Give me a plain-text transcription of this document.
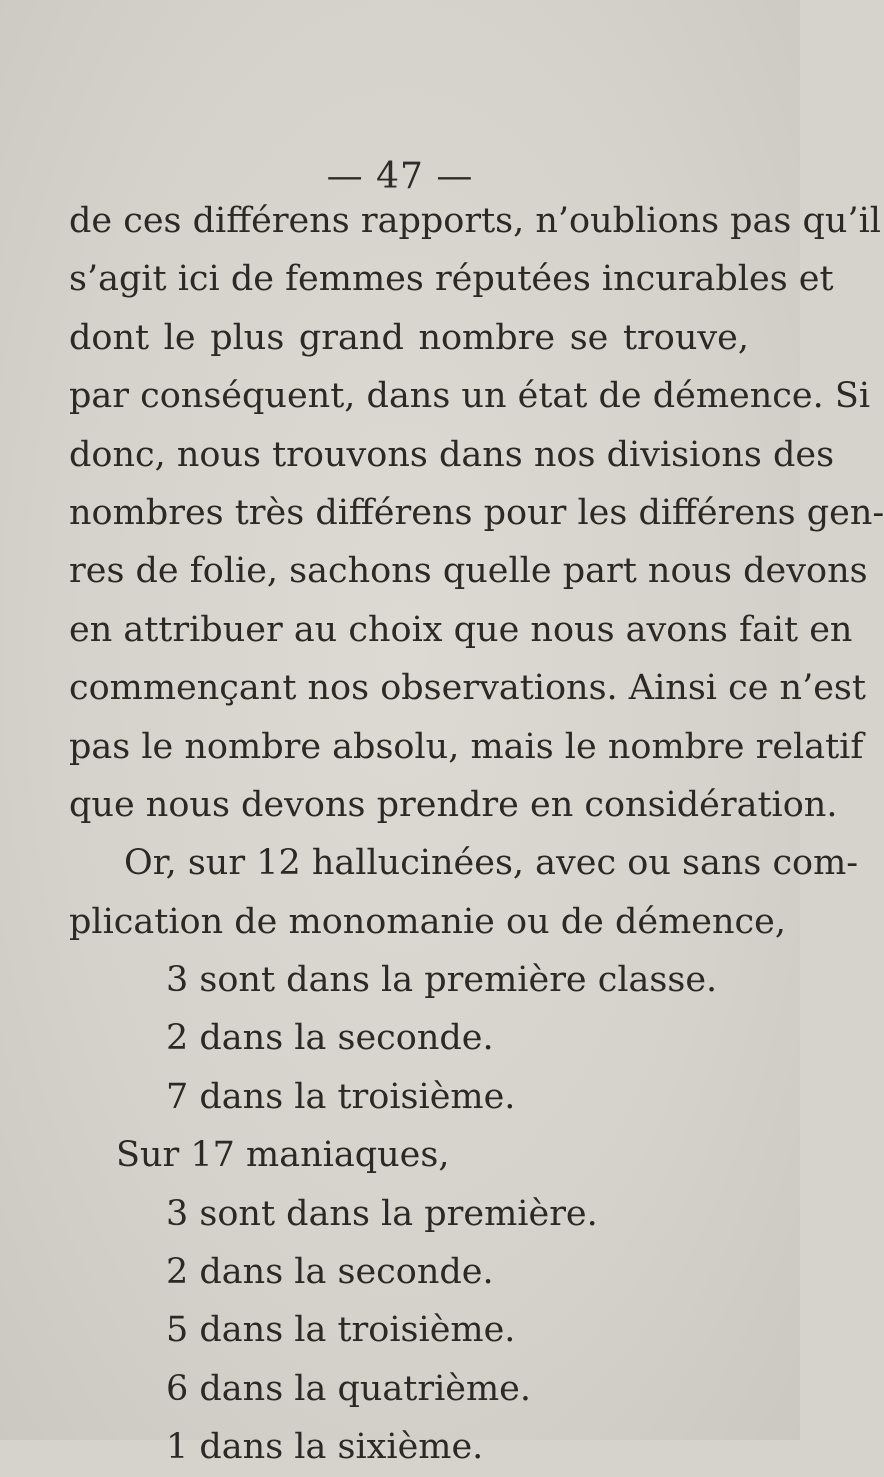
— 47 —
de ces différens rapports, n’oublions pas qu’il
s’agit ici de femmes réputées incurables et
dont le plus grand nombre se trouve,
par conséquent, dans un état de démence. Si
donc, nous trouvons dans nos divisions des
nombres très différens pour les différens gen-
res de folie, sachons quelle part nous devons
en attribuer au choix que nous avons fait en
commençant nos observations. Ainsi ce n’est
pas le nombre absolu, mais le nombre relatif
que nous devons prendre en considération.
Or, sur 12 hallucinées, avec ou sans com-
plication de monomanie ou de démence,
3 sont dans la première classe.
2 dans la seconde.
7 dans la troisième.
Sur 17 maniaques,
3 sont dans la première.
2 dans la seconde.
5 dans la troisième.
6 dans la quatrième.
1 dans la sixième.
